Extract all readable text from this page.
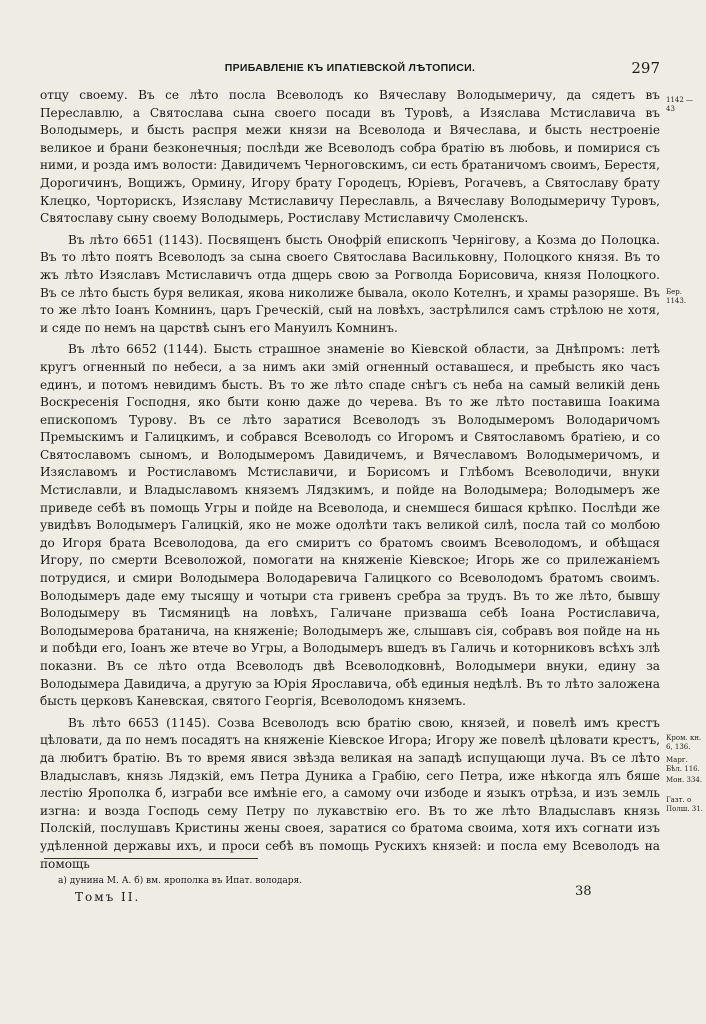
ПРИБАВЛЕНІЕ КЪ ИПАТІЕВСКОЙ ЛѢТОПИСИ.	297

отцу своему. Въ се лѣто посла Всеволодъ ко Вячеславу Володымеричу, да сядетъ въ Переславлю, а Святослава сына своего посади въ Туровѣ, а Изяслава Мстиславича въ Володымерь, и бысть распря межи князи на Всеволода и Вячеслава, и бысть нестроеніе великое и брани безконечныя; послѣди же Всеволодъ собра братію въ любовь, и помирися съ ними, и розда имъ волости: Давидичемъ Черноговскимъ, си есть братаничомъ своимъ, Берестя, Дорогичинъ, Вощижъ, Ормину, Игору брату Городецъ, Юріевъ, Рогачевъ, а Святославу брату Клецко, Чорторискъ, Изяславу Мстиславичу Переславль, а Вячеславу Володымеричу Туровъ, Святославу сыну своему Володымерь, Ростиславу Мстиславичу Смоленскъ.

Въ лѣто 6651 (1143). Посвященъ бысть Онофрій епископъ Чернігову, а Козма до Полоцка. Въ то лѣто поятъ Всеволодъ за сына своего Святослава Васильковну, Полоцкого князя. Въ то жъ лѣто Изяславъ Мстиславичъ отда дщерь свою за Рогволда Борисовича, князя Полоцкого. Въ се лѣто бысть буря великая, якова николиже бывала, около Котелнъ, и храмы разоряше. Въ то же лѣто Іоанъ Комнинъ, царъ Греческій, сый на ловѣхъ, застрѣлился самъ стрѣлою не хотя, и сяде по немъ на царствѣ сынъ его Мануилъ Комнинъ.

Въ лѣто 6652 (1144). Бысть страшное знаменіе во Кіевской области, за Днѣпромъ: летѣ кругъ огненный по небеси, а за нимъ аки змій огненный оставашеся, и пребысть яко часъ единъ, и потомъ невидимъ бысть. Въ то же лѣто спаде снѣгъ съ неба на самый великій день Воскресенія Господня, яко быти коню даже до черева. Въ то же лѣто поставиша Іоакима епископомъ Турову. Въ се лѣто заратися Всеволодъ зъ Володымеромъ Володаричомъ Премыскимъ и Галицкимъ, и собрався Всеволодъ со Игоромъ и Святославомъ братіею, и со Святославомъ сыномъ, и Володымеромъ Давидичемъ, и Вячеславомъ Володымеричомъ, и Изяславомъ и Ростиславомъ Мстиславичи, и Борисомъ и Глѣбомъ Всеволодичи, внуки Мстиславли, и Владыславомъ княземъ Лядзкимъ, и пойде на Володымера; Володымеръ же приведе себѣ въ помощь Угры и пойде на Всеволода, и снемшеся бишася крѣпко. Послѣди же увидѣвъ Володымеръ Галицкій, яко не може одолѣти такъ великой силѣ, посла тай со молбою до Игоря брата Всеволодова, да его смиритъ со братомъ своимъ Всеволодомъ, и обѣщася Игору, по смерти Всеволожой, помогати на княженіе Кіевское; Игорь же со прилежаніемъ потрудися, и смири Володымера Володаревича Галицкого со Всеволодомъ братомъ своимъ. Володымеръ даде ему тысящу и чотыри ста гривенъ сребра за трудъ. Въ то же лѣто, бывшу Володымеру въ Тисмяницѣ на ловѣхъ, Галичане призваша себѣ Іоана Ростиславича, Володымерова братанича, на княженіе; Володымеръ же, слышавъ сія, собравъ воя пойде на нь и побѣди его, Іоанъ же втече во Угры, а Володымеръ вшедъ въ Галичь и которниковъ всѣхъ злѣ показни. Въ се лѣто отда Всеволодъ двѣ Всеволодковнѣ, Володымери внуки, едину за Володымера Давидича, а другую за Юрія Ярославича, обѣ единыя недѣлѣ. Въ то лѣто заложена бысть церковъ Каневская, святого Георгія, Всеволодомъ княземъ.

Въ лѣто 6653 (1145). Созва Всеволодъ всю братію свою, князей, и повелѣ имъ крестъ цѣловати, да по немъ посадятъ на княженіе Кіевское Игора; Игору же повелѣ цѣловати крестъ, да любитъ братію. Въ то время явися звѣзда великая на западѣ испущающи луча. Въ се лѣто Владыславъ, князь Лядзкій, емъ Петра Дуника а Грабію, сего Петра, иже нѣкогда ялъ бяше лестію Ярополка б, изграби все имѣніе его, а самому очи избоде и языкъ отрѣза, и изъ земль изгна: и воздa Господь сему Петру по лукавствію его. Въ то же лѣто Владыславъ князь Полскій, послушавъ Кристины жены своея, заратися со братома своима, хотя ихъ согнати изъ удѣленной державы ихъ, и проси себѣ въ помощь Рускихъ князей: и посла ему Всеволодъ на помощь

1142 — 43
Бер. 1143.
Кром. кн. 6, 136.
Марг. Бѣл. 116.
Мон. 334.
Газт. о Полш. 31.
а) дунина М. А. б) вм. ярополка въ Ипат. володаря.
Томъ II.	38
